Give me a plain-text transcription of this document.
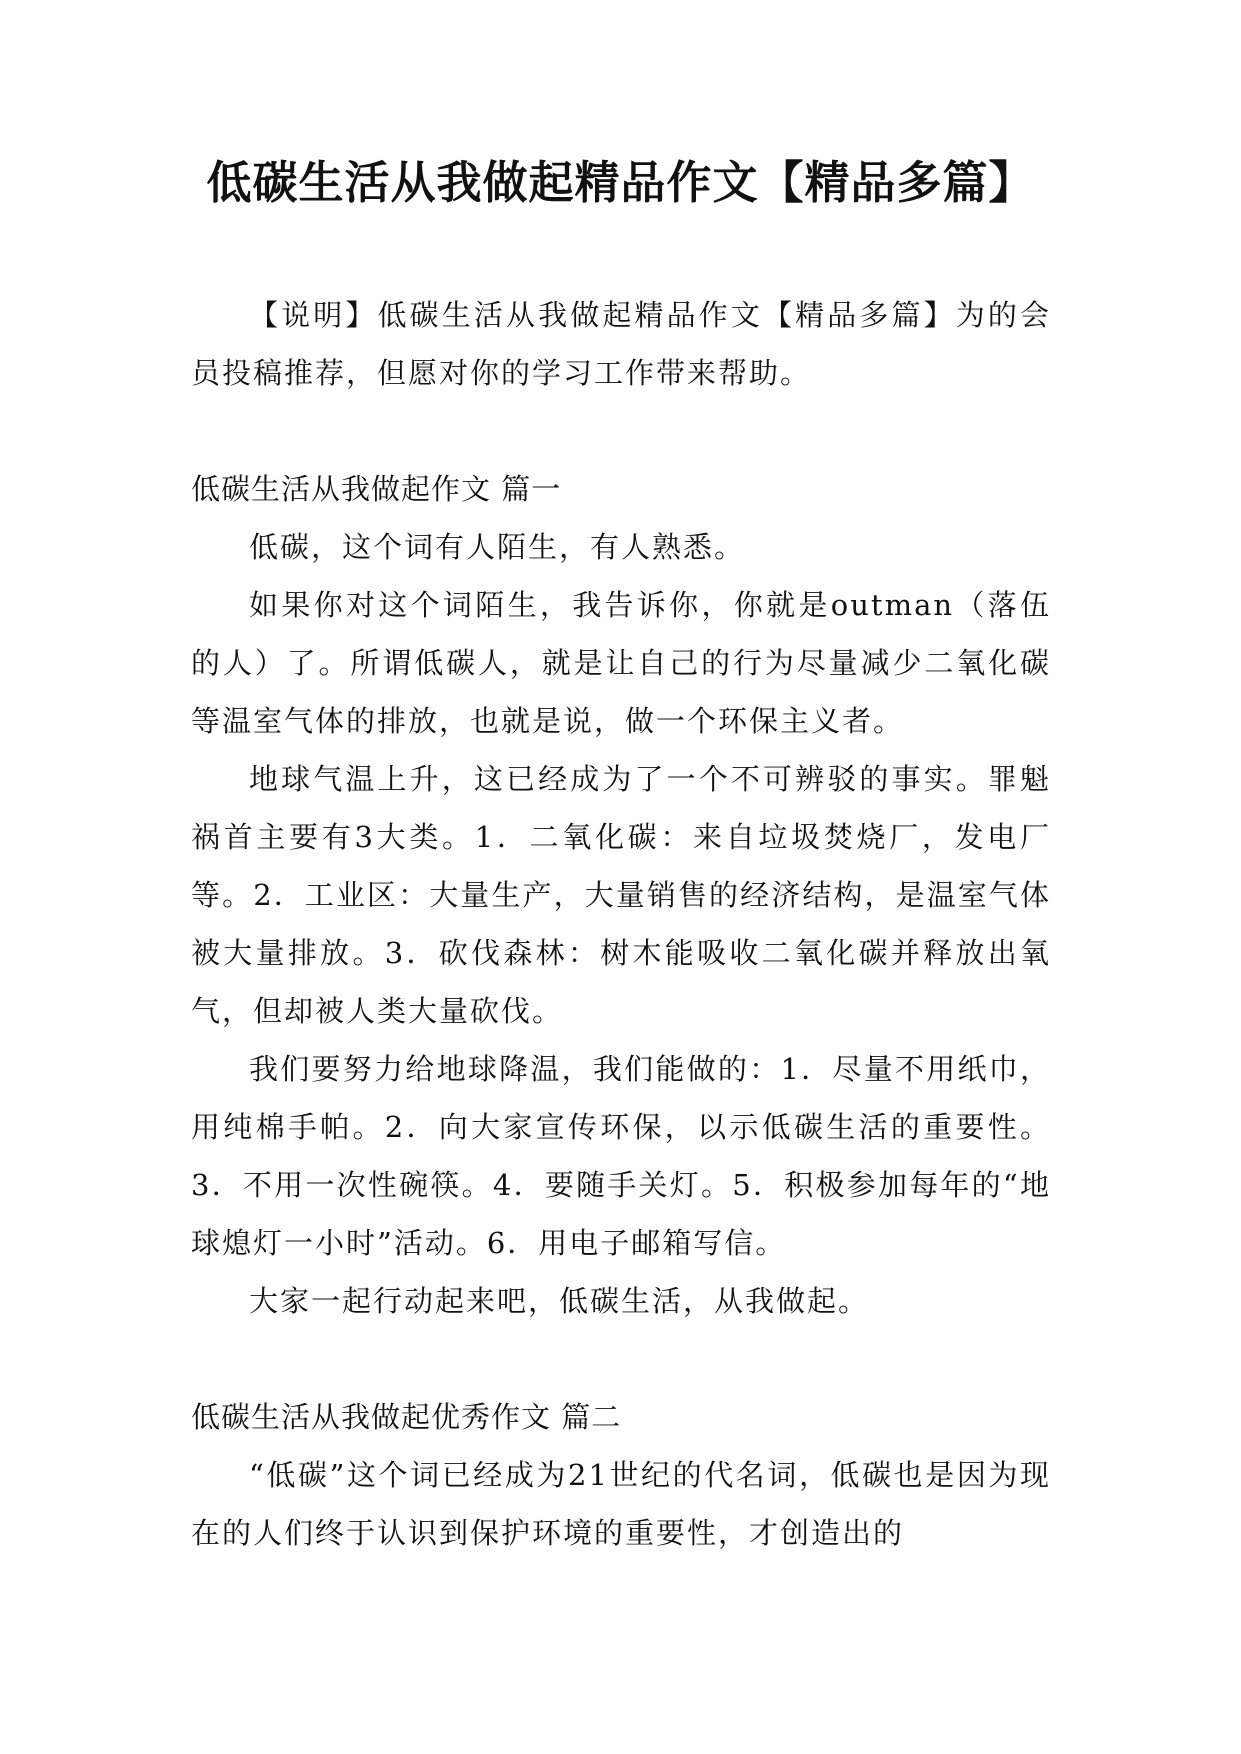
低碳生活从我做起精品作文【精品多篇】

【说明】低碳生活从我做起精品作文【精品多篇】为的会员投稿推荐，但愿对你的学习工作带来帮助。

低碳生活从我做起作文 篇一

低碳，这个词有人陌生，有人熟悉。

如果你对这个词陌生，我告诉你，你就是outman（落伍的人）了。所谓低碳人，就是让自己的行为尽量减少二氧化碳等温室气体的排放，也就是说，做一个环保主义者。

地球气温上升，这已经成为了一个不可辨驳的事实。罪魁祸首主要有3大类。1．二氧化碳：来自垃圾焚烧厂，发电厂等。2．工业区：大量生产，大量销售的经济结构，是温室气体被大量排放。3．砍伐森林：树木能吸收二氧化碳并释放出氧气，但却被人类大量砍伐。

我们要努力给地球降温，我们能做的：1．尽量不用纸巾，用纯棉手帕。2．向大家宣传环保，以示低碳生活的重要性。3．不用一次性碗筷。4．要随手关灯。5．积极参加每年的“地球熄灯一小时”活动。6．用电子邮箱写信。

大家一起行动起来吧，低碳生活，从我做起。

低碳生活从我做起优秀作文 篇二

“低碳”这个词已经成为21世纪的代名词，低碳也是因为现在的人们终于认识到保护环境的重要性，才创造出的
